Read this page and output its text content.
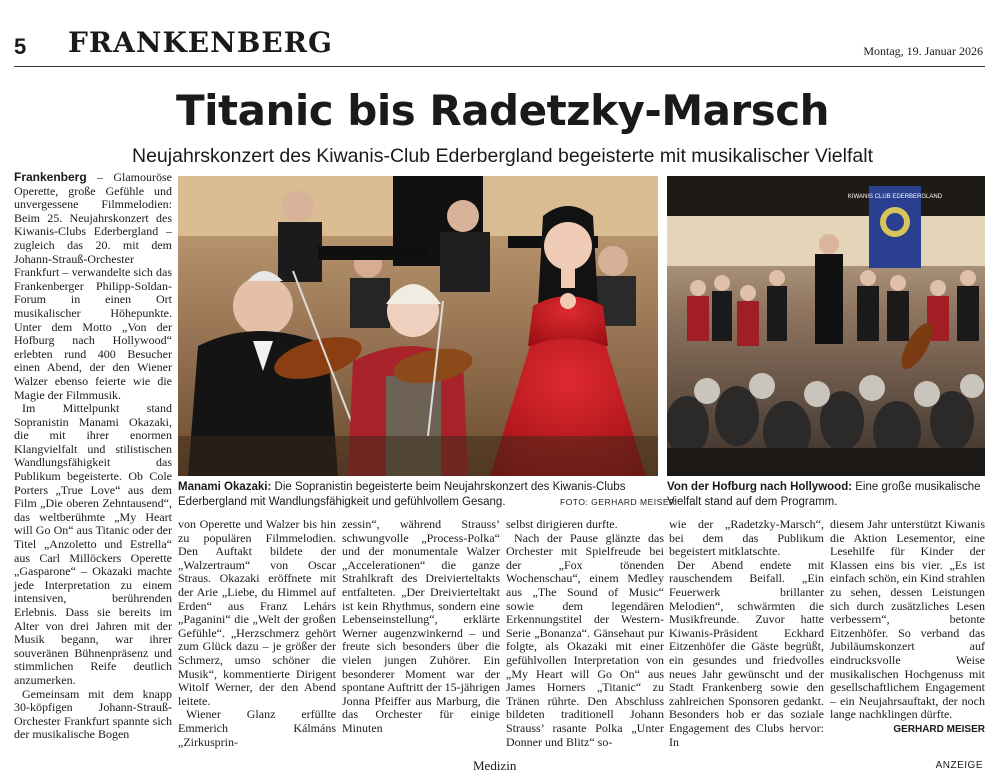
5 FRANKENBERG	Montag, 19. Januar 2026
Titanic bis Radetzky-Marsch
Neujahrskonzert des Kiwanis-Club Ederbergland begeisterte mit musikalischer Vielfalt

Frankenberg – Glamouröse Operette, große Gefühle und unvergessene Filmmelodien: Beim 25. Neujahrskonzert des Kiwanis-Clubs Ederbergland – zugleich das 20. mit dem Johann-Strauß-Orchester Frankfurt – verwandelte sich das Frankenberger Philipp-Soldan-Forum in einen Ort musikalischer Höhepunkte. Unter dem Motto „Von der Hofburg nach Hollywood“ erlebten rund 400 Besucher einen Abend, der den Wiener Walzer ebenso feierte wie die Magie der Filmmusik.

Im Mittelpunkt stand Sopranistin Manami Okazaki, die mit ihrer enormen Klangvielfalt und stilistischen Wandlungsfähigkeit das Publikum begeisterte. Ob Cole Porters „True Love“ aus dem Film „Die oberen Zehntausend“, das weltberühmte „My Heart will Go On“ aus Titanic oder der Titel „Anzoletto und Estrella“ aus Carl Millöckers Operette „Gasparone“ – Okazaki machte jede Interpretation zu einem intensiven, berührenden Erlebnis. Dass sie bereits im Alter von drei Jahren mit der Musik begann, war ihrer souveränen Bühnenpräsenz und stimmlichen Reife deutlich anzumerken.

Gemeinsam mit dem knapp 30-köpfigen Johann-Strauß-Orchester Frankfurt spannte sich der musikalische Bogen

KIWANIS CLUB EDERBERGLAND
Manami Okazaki: Die Sopranistin begeisterte beim Neujahrskonzert des Kiwanis-Clubs Ederbergland mit Wandlungsfähigkeit und gefühlvollem Gesang.	FOTO: GERHARD MEISER
Von der Hofburg nach Hollywood: Eine große musikalische Vielfalt stand auf dem Programm.

von Operette und Walzer bis hin zu populären Filmmelodien. Den Auftakt bildete der „Walzertraum“ von Oscar Straus. Okazaki eröffnete mit der Arie „Liebe, du Himmel auf Erden“ aus Franz Lehárs „Paganini“ die „Welt der großen Gefühle“. „Herzschmerz gehört zum Glück dazu – je größer der Schmerz, umso schöner die Musik“, kommentierte Dirigent Witolf Werner, der den Abend leitete.

Wiener Glanz erfüllte Emmerich Kálmáns „Zirkusprin-

zessin“, während Strauss’ schwungvolle „Process-Polka“ und der monumentale Walzer „Accelerationen“ die ganze Strahlkraft des Dreivierteltakts entfalteten. „Der Dreivierteltakt ist kein Rhythmus, sondern eine Lebenseinstellung“, erklärte Werner augenzwinkernd – und freute sich besonders über die vielen jungen Zuhörer. Ein besonderer Moment war der spontane Auftritt der 15-jährigen Jonna Pfeiffer aus Marburg, die das Orchester für einige Minuten

selbst dirigieren durfte.

Nach der Pause glänzte das Orchester mit Spielfreude bei der „Fox tönenden Wochenschau“, einem Medley aus „The Sound of Music“ sowie dem legendären Erkennungstitel der Western-Serie „Bonanza“. Gänsehaut pur folgte, als Okazaki mit einer gefühlvollen Interpretation von „My Heart will Go On“ aus James Horners „Titanic“ zu Tränen rührte. Den Abschluss bildeten traditionell Johann Strauss’ rasante Polka „Unter Donner und Blitz“ so-

wie der „Radetzky-Marsch“, bei dem das Publikum begeistert mitklatschte.

Der Abend endete mit rauschendem Beifall. „Ein Feuerwerk brillanter Melodien“, schwärmten die Musikfreunde. Zuvor hatte Kiwanis-Präsident Eckhard Eitzenhöfer die Gäste begrüßt, ein gesundes und friedvolles neues Jahr gewünscht und der Stadt Frankenberg sowie den zahlreichen Sponsoren gedankt. Besonders hob er das soziale Engagement des Clubs hervor: In

diesem Jahr unterstützt Kiwanis die Aktion Lesementor, eine Lesehilfe für Kinder der Klassen eins bis vier. „Es ist einfach schön, ein Kind strahlen zu sehen, dessen Leistungen sich durch zusätzliches Lesen verbessern“, betonte Eitzenhöfer. So verband das Jubiläumskonzert auf eindrucksvolle Weise musikalischen Hochgenuss mit gesellschaftlichem Engagement – ein Neujahrsauftakt, der noch lange nachklingen dürfte.

GERHARD MEISER
Medizin	ANZEIGE
